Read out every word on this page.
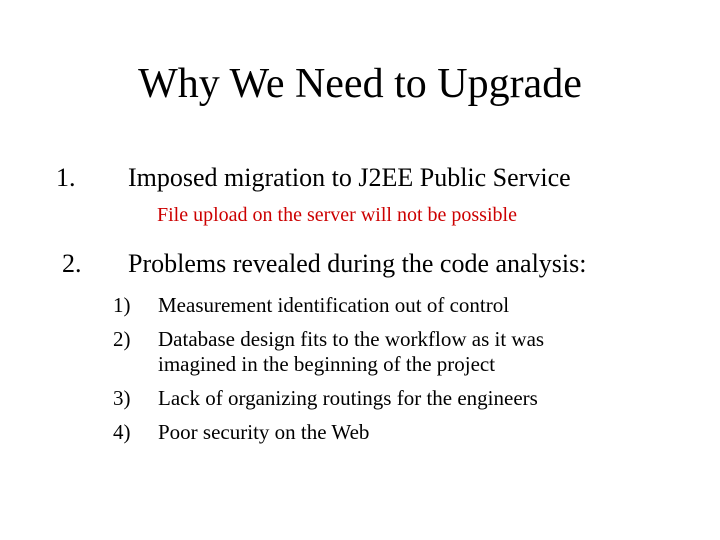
Why We Need to Upgrade
1. Imposed migration to J2EE Public Service
File upload on the server will not be possible
2. Problems revealed during the code analysis:
1) Measurement identification out of control
2) Database design fits to the workflow as it was
imagined in the beginning of the project
3) Lack of organizing routings for the engineers
4) Poor security on the Web
